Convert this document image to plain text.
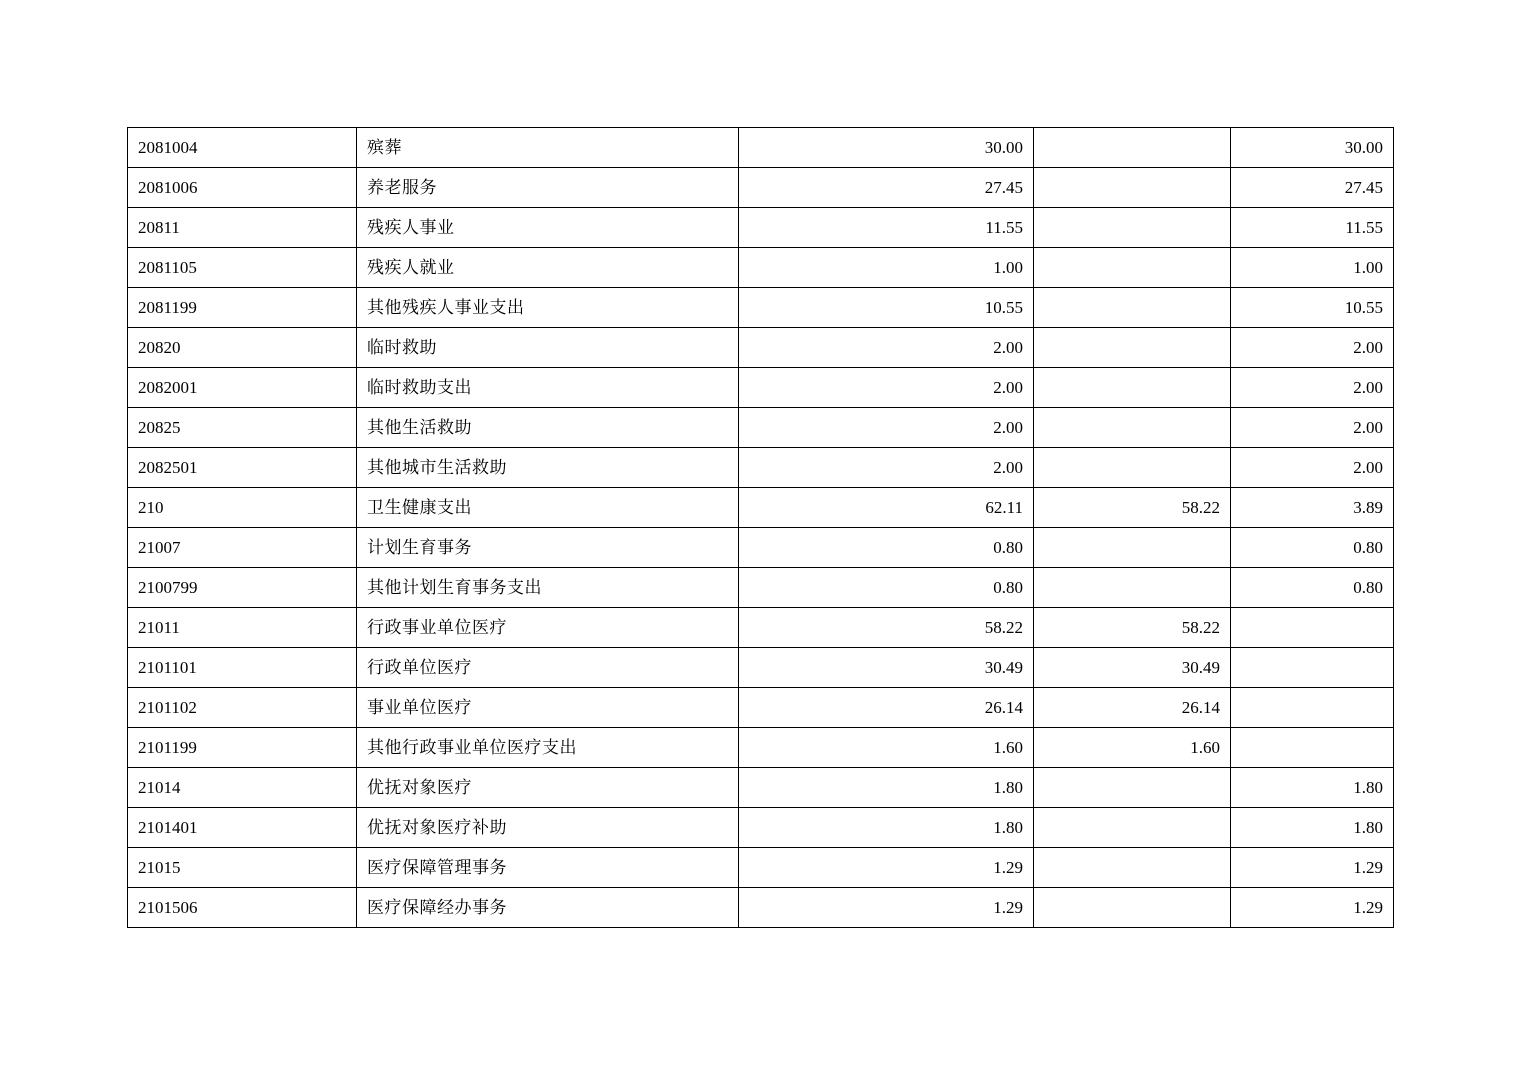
2081004	殡葬	30.00		30.00
2081006	养老服务	27.45		27.45
20811	残疾人事业	11.55		11.55
2081105	残疾人就业	1.00		1.00
2081199	其他残疾人事业支出	10.55		10.55
20820	临时救助	2.00		2.00
2082001	临时救助支出	2.00		2.00
20825	其他生活救助	2.00		2.00
2082501	其他城市生活救助	2.00		2.00
210	卫生健康支出	62.11	58.22	3.89
21007	计划生育事务	0.80		0.80
2100799	其他计划生育事务支出	0.80		0.80
21011	行政事业单位医疗	58.22	58.22	
2101101	行政单位医疗	30.49	30.49	
2101102	事业单位医疗	26.14	26.14	
2101199	其他行政事业单位医疗支出	1.60	1.60	
21014	优抚对象医疗	1.80		1.80
2101401	优抚对象医疗补助	1.80		1.80
21015	医疗保障管理事务	1.29		1.29
2101506	医疗保障经办事务	1.29		1.29
